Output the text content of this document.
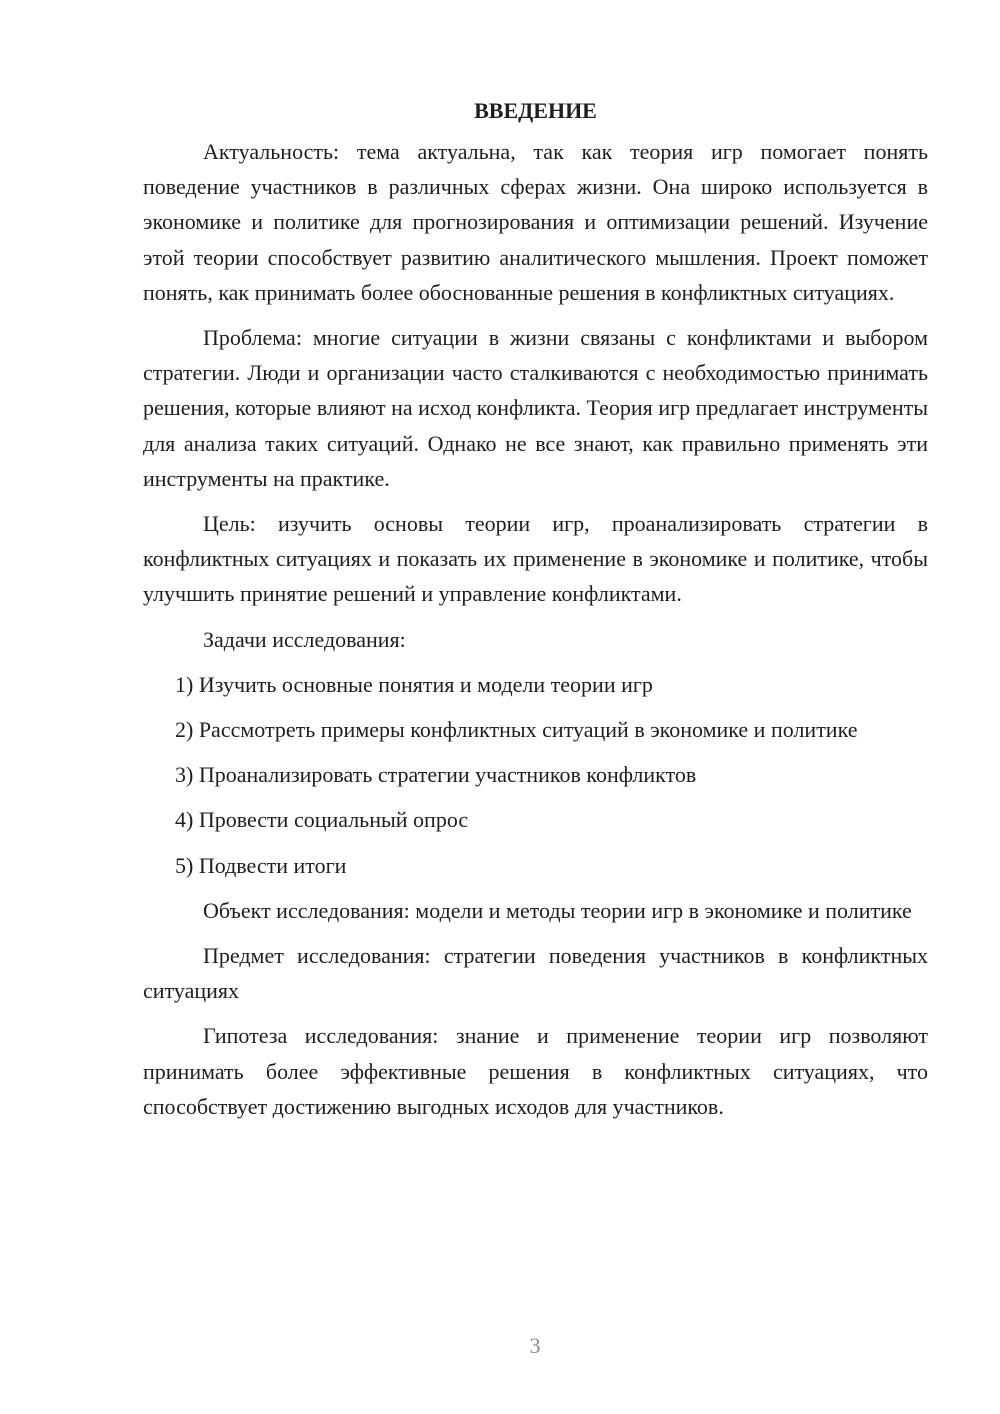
ВВЕДЕНИЕ

Актуальность: тема актуальна, так как теория игр помогает понять поведение участников в различных сферах жизни. Она широко используется в экономике и политике для прогнозирования и оптимизации решений. Изучение этой теории способствует развитию аналитического мышления. Проект поможет понять, как принимать более обоснованные решения в конфликтных ситуациях.

Проблема: многие ситуации в жизни связаны с конфликтами и выбором стратегии. Люди и организации часто сталкиваются с необходимостью принимать решения, которые влияют на исход конфликта. Теория игр предлагает инструменты для анализа таких ситуаций. Однако не все знают, как правильно применять эти инструменты на практике.

Цель: изучить основы теории игр, проанализировать стратегии в конфликтных ситуациях и показать их применение в экономике и политике, чтобы улучшить принятие решений и управление конфликтами.

Задачи исследования:

1) Изучить основные понятия и модели теории игр

2) Рассмотреть примеры конфликтных ситуаций в экономике и политике

3) Проанализировать стратегии участников конфликтов

4) Провести социальный опрос

5) Подвести итоги

Объект исследования: модели и методы теории игр в экономике и политике

Предмет исследования: стратегии поведения участников в конфликтных ситуациях

Гипотеза исследования: знание и применение теории игр позволяют принимать более эффективные решения в конфликтных ситуациях, что способствует достижению выгодных исходов для участников.

3
